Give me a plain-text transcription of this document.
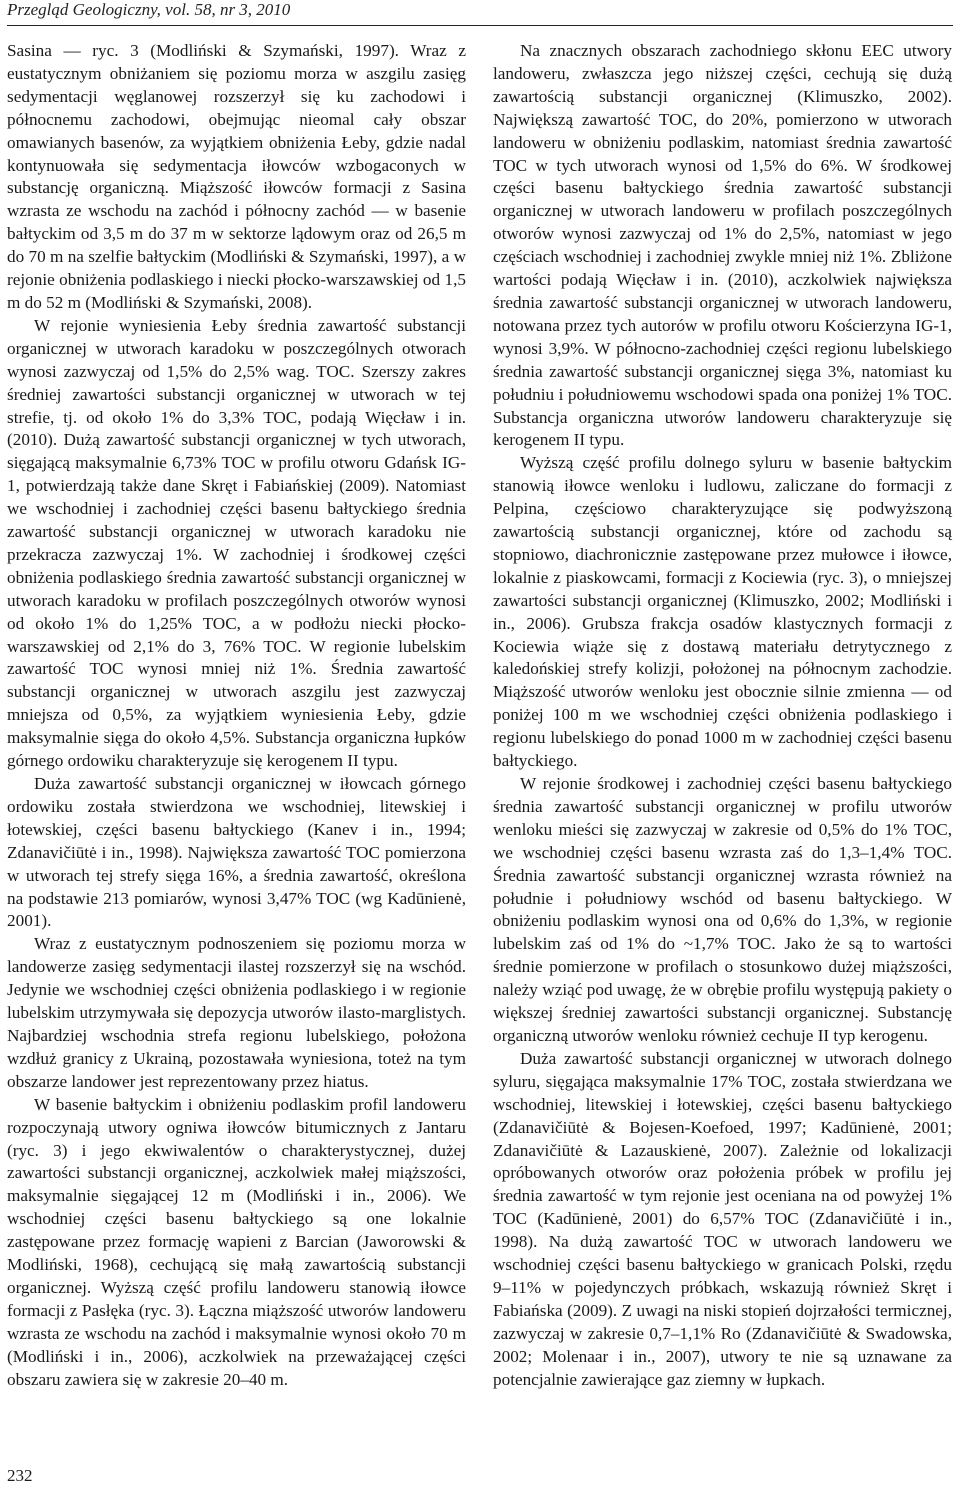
Przegląd Geologiczny, vol. 58, nr 3, 2010

Sasina — ryc. 3 (Modliński & Szymański, 1997). Wraz z eustatycznym obniżaniem się poziomu morza w aszgilu zasięg sedymentacji węglanowej rozszerzył się ku zachodowi i północnemu zachodowi, obejmując nieomal cały obszar omawianych basenów, za wyjątkiem obniżenia Łeby, gdzie nadal kontynuowała się sedymentacja iłowców wzbogaconych w substancję organiczną. Miąższość iłowców formacji z Sasina wzrasta ze wschodu na zachód i północny zachód — w basenie bałtyckim od 3,5 m do 37 m w sektorze lądowym oraz od 26,5 m do 70 m na szelfie bałtyckim (Modliński & Szymański, 1997), a w rejonie obniżenia podlaskiego i niecki płocko-warszawskiej od 1,5 m do 52 m (Modliński & Szymański, 2008).

W rejonie wyniesienia Łeby średnia zawartość substancji organicznej w utworach karadoku w poszczególnych otworach wynosi zazwyczaj od 1,5% do 2,5% wag. TOC. Szerszy zakres średniej zawartości substancji organicznej w utworach w tej strefie, tj. od około 1% do 3,3% TOC, podają Więcław i in. (2010). Dużą zawartość substancji organicznej w tych utworach, sięgającą maksymalnie 6,73% TOC w profilu otworu Gdańsk IG-1, potwierdzają także dane Skręt i Fabiańskiej (2009). Natomiast we wschodniej i zachodniej części basenu bałtyckiego średnia zawartość substancji organicznej w utworach karadoku nie przekracza zazwyczaj 1%. W zachodniej i środkowej części obniżenia podlaskiego średnia zawartość substancji organicznej w utworach karadoku w profilach poszczególnych otworów wynosi od około 1% do 1,25% TOC, a w podłożu niecki płocko-warszawskiej od 2,1% do 3, 76% TOC. W regionie lubelskim zawartość TOC wynosi mniej niż 1%. Średnia zawartość substancji organicznej w utworach aszgilu jest zazwyczaj mniejsza od 0,5%, za wyjątkiem wyniesienia Łeby, gdzie maksymalnie sięga do około 4,5%. Substancja organiczna łupków górnego ordowiku charakteryzuje się kerogenem II typu.

Duża zawartość substancji organicznej w iłowcach górnego ordowiku została stwierdzona we wschodniej, litewskiej i łotewskiej, części basenu bałtyckiego (Kanev i in., 1994; Zdanavičiūtė i in., 1998). Największa zawartość TOC pomierzona w utworach tej strefy sięga 16%, a średnia zawartość, określona na podstawie 213 pomiarów, wynosi 3,47% TOC (wg Kadūnienė, 2001).

Wraz z eustatycznym podnoszeniem się poziomu morza w landowerze zasięg sedymentacji ilastej rozszerzył się na wschód. Jedynie we wschodniej części obniżenia podlaskiego i w regionie lubelskim utrzymywała się depozycja utworów ilasto-marglistych. Najbardziej wschodnia strefa regionu lubelskiego, położona wzdłuż granicy z Ukrainą, pozostawała wyniesiona, toteż na tym obszarze landower jest reprezentowany przez hiatus.

W basenie bałtyckim i obniżeniu podlaskim profil landoweru rozpoczynają utwory ogniwa iłowców bitumicznych z Jantaru (ryc. 3) i jego ekwiwalentów o charakterystycznej, dużej zawartości substancji organicznej, aczkolwiek małej miąższości, maksymalnie sięgającej 12 m (Modliński i in., 2006). We wschodniej części basenu bałtyckiego są one lokalnie zastępowane przez formację wapieni z Barcian (Jaworowski & Modliński, 1968), cechującą się małą zawartością substancji organicznej. Wyższą część profilu landoweru stanowią iłowce formacji z Pasłęka (ryc. 3). Łączna miąższość utworów landoweru wzrasta ze wschodu na zachód i maksymalnie wynosi około 70 m (Modliński i in., 2006), aczkolwiek na przeważającej części obszaru zawiera się w zakresie 20–40 m.

Na znacznych obszarach zachodniego skłonu EEC utwory landoweru, zwłaszcza jego niższej części, cechują się dużą zawartością substancji organicznej (Klimuszko, 2002). Największą zawartość TOC, do 20%, pomierzono w utworach landoweru w obniżeniu podlaskim, natomiast średnia zawartość TOC w tych utworach wynosi od 1,5% do 6%. W środkowej części basenu bałtyckiego średnia zawartość substancji organicznej w utworach landoweru w profilach poszczególnych otworów wynosi zazwyczaj od 1% do 2,5%, natomiast w jego częściach wschodniej i zachodniej zwykle mniej niż 1%. Zbliżone wartości podają Więcław i in. (2010), aczkolwiek największa średnia zawartość substancji organicznej w utworach landoweru, notowana przez tych autorów w profilu otworu Kościerzyna IG-1, wynosi 3,9%. W północno-zachodniej części regionu lubelskiego średnia zawartość substancji organicznej sięga 3%, natomiast ku południu i południowemu wschodowi spada ona poniżej 1% TOC. Substancja organiczna utworów landoweru charakteryzuje się kerogenem II typu.

Wyższą część profilu dolnego syluru w basenie bałtyckim stanowią iłowce wenloku i ludlowu, zaliczane do formacji z Pelpina, częściowo charakteryzujące się podwyższoną zawartością substancji organicznej, które od zachodu są stopniowo, diachronicznie zastępowane przez mułowce i iłowce, lokalnie z piaskowcami, formacji z Kociewia (ryc. 3), o mniejszej zawartości substancji organicznej (Klimuszko, 2002; Modliński i in., 2006). Grubsza frakcja osadów klastycznych formacji z Kociewia wiąże się z dostawą materiału detrytycznego z kaledońskiej strefy kolizji, położonej na północnym zachodzie. Miąższość utworów wenloku jest obocznie silnie zmienna — od poniżej 100 m we wschodniej części obniżenia podlaskiego i regionu lubelskiego do ponad 1000 m w zachodniej części basenu bałtyckiego.

W rejonie środkowej i zachodniej części basenu bałtyckiego średnia zawartość substancji organicznej w profilu utworów wenloku mieści się zazwyczaj w zakresie od 0,5% do 1% TOC, we wschodniej części basenu wzrasta zaś do 1,3–1,4% TOC. Średnia zawartość substancji organicznej wzrasta również na południe i południowy wschód od basenu bałtyckiego. W obniżeniu podlaskim wynosi ona od 0,6% do 1,3%, w regionie lubelskim zaś od 1% do ~1,7% TOC. Jako że są to wartości średnie pomierzone w profilach o stosunkowo dużej miąższości, należy wziąć pod uwagę, że w obrębie profilu występują pakiety o większej średniej zawartości substancji organicznej. Substancję organiczną utworów wenloku również cechuje II typ kerogenu.

Duża zawartość substancji organicznej w utworach dolnego syluru, sięgająca maksymalnie 17% TOC, została stwierdzana we wschodniej, litewskiej i łotewskiej, części basenu bałtyckiego (Zdanavičiūtė & Bojesen-Koefoed, 1997; Kadūnienė, 2001; Zdanavičiūtė & Lazauskienė, 2007). Zależnie od lokalizacji opróbowanych otworów oraz położenia próbek w profilu jej średnia zawartość w tym rejonie jest oceniana na od powyżej 1% TOC (Kadūnienė, 2001) do 6,57% TOC (Zdanavičiūtė i in., 1998). Na dużą zawartość TOC w utworach landoweru we wschodniej części basenu bałtyckiego w granicach Polski, rzędu 9–11% w pojedynczych próbkach, wskazują również Skręt i Fabiańska (2009). Z uwagi na niski stopień dojrzałości termicznej, zazwyczaj w zakresie 0,7–1,1% Ro (Zdanavičiūtė & Swadowska, 2002; Molenaar i in., 2007), utwory te nie są uznawane za potencjalnie zawierające gaz ziemny w łupkach.

232
